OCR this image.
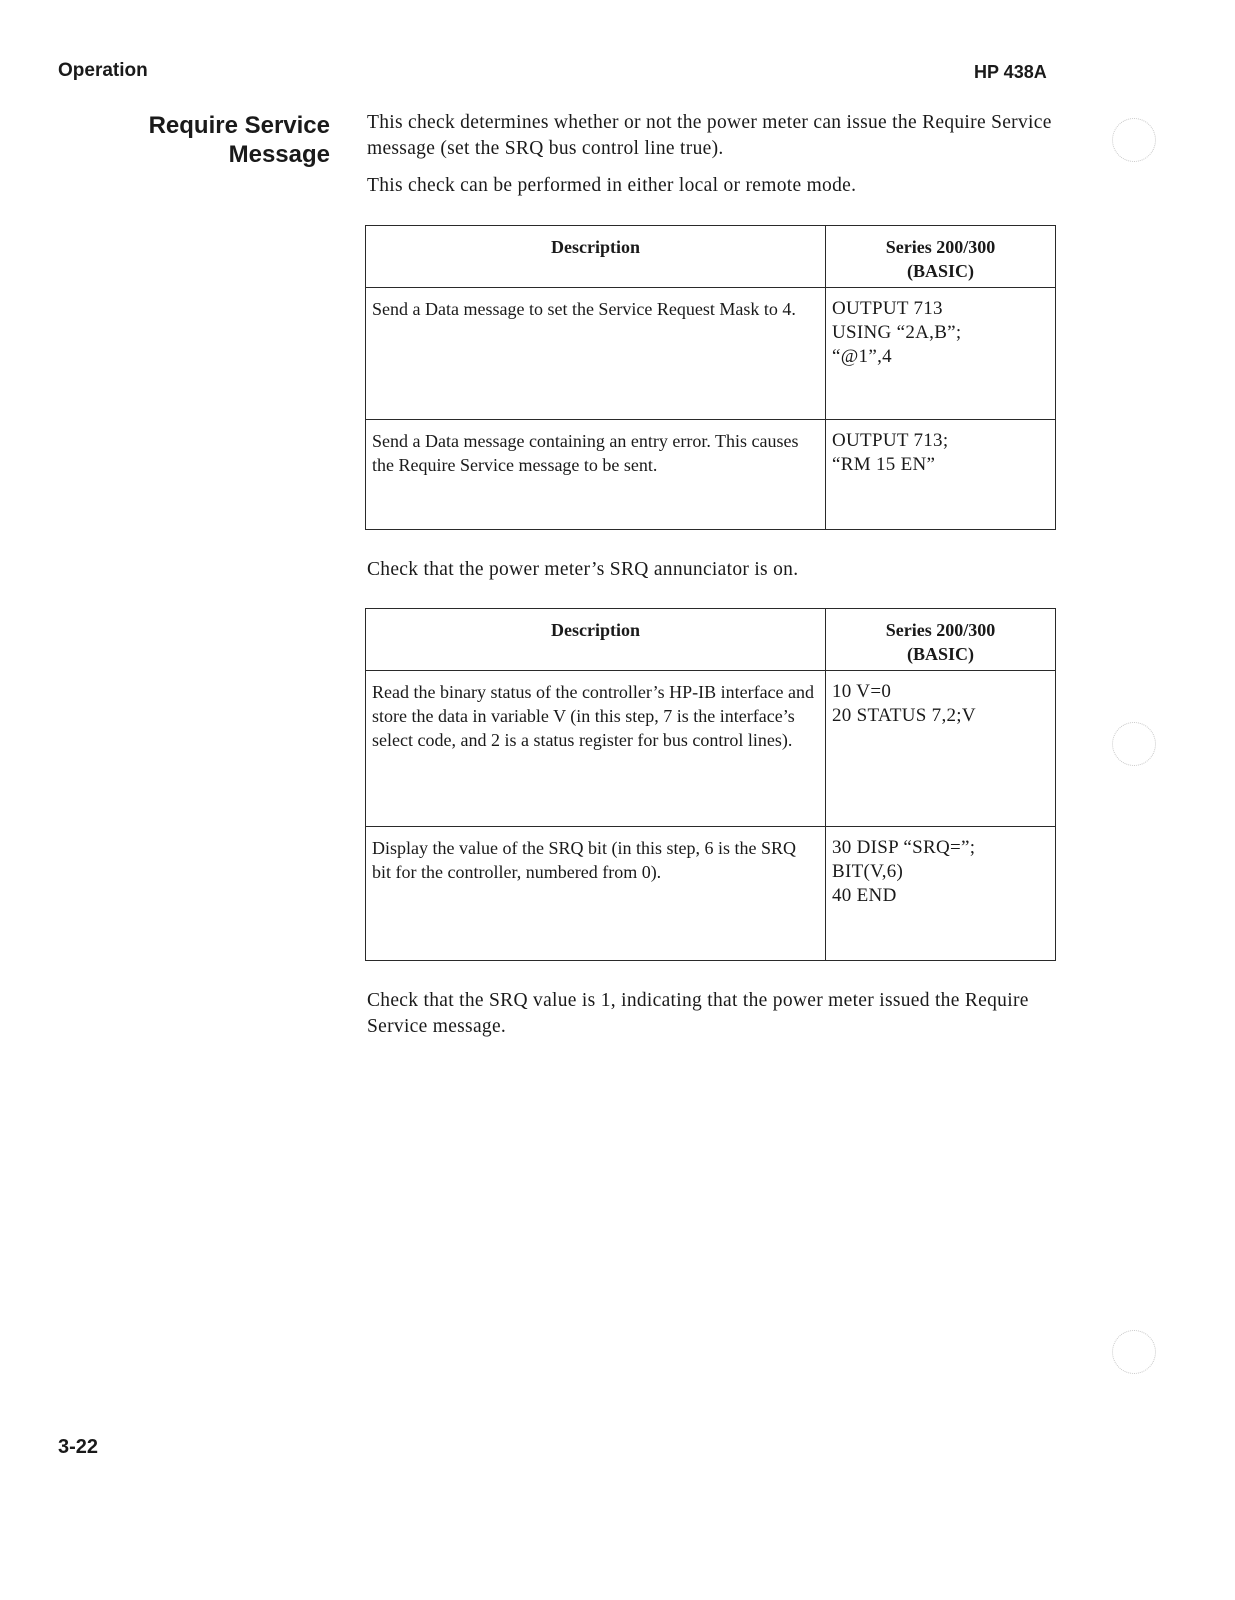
Operation	HP 438A
Require Service
Message
This check determines whether or not the power meter can issue the Require Service message (set the SRQ bus control line true).
This check can be performed in either local or remote mode.
Description	Series 200/300
(BASIC)

Send a Data message to set the Service Request Mask to 4.	OUTPUT 713
USING “2A,B”;
“@1”,4

Send a Data message containing an entry error. This causes the Require Service message to be sent.	OUTPUT 713;
“RM 15 EN”
Check that the power meter’s SRQ annunciator is on.
Description	Series 200/300
(BASIC)

Read the binary status of the controller’s HP-IB interface and store the data in variable V (in this step, 7 is the interface’s select code, and 2 is a status register for bus control lines).	10 V=0
20 STATUS 7,2;V

Display the value of the SRQ bit (in this step, 6 is the SRQ bit for the controller, numbered from 0).	30 DISP “SRQ=”;
BIT(V,6)
40 END
Check that the SRQ value is 1, indicating that the power meter issued the Require Service message.
3-22
